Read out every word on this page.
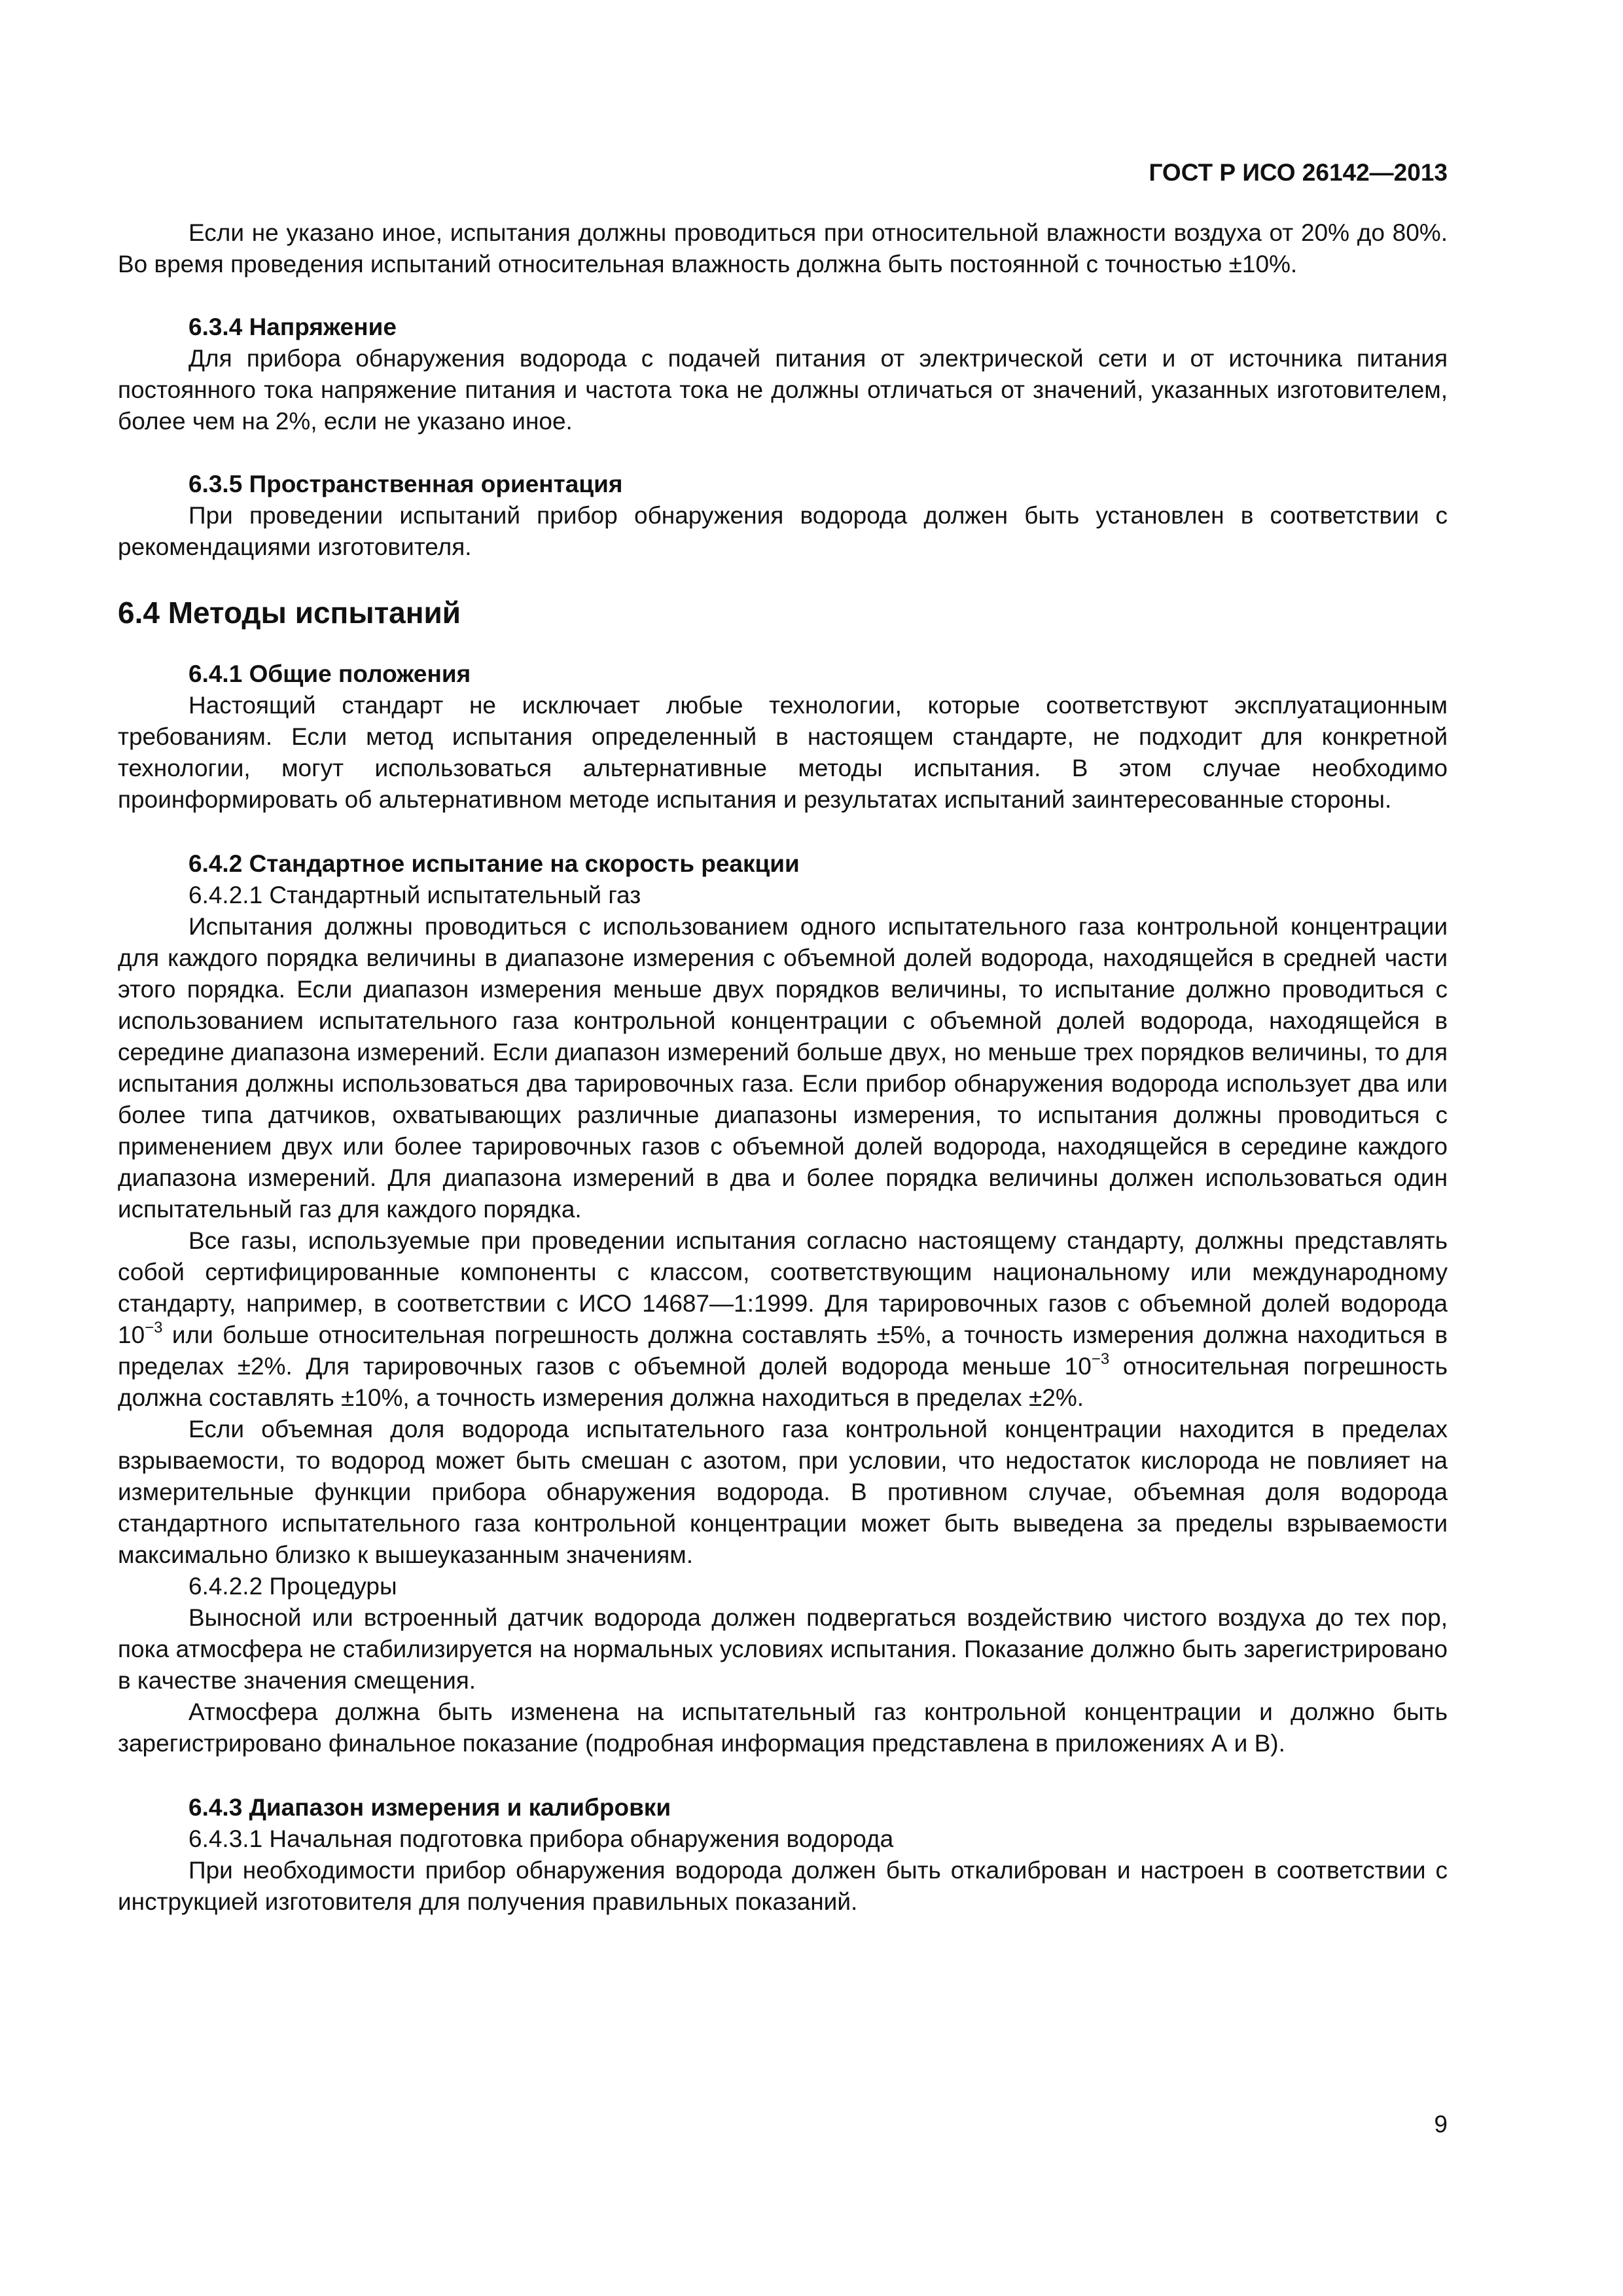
ГОСТ Р ИСО 26142—2013

Если не указано иное, испытания должны проводиться при относительной влажности воздуха от 20% до 80%. Во время проведения испытаний относительная влажность должна быть постоянной с точностью ±10%.

6.3.4 Напряжение

Для прибора обнаружения водорода с подачей питания от электрической сети и от источника питания постоянного тока напряжение питания и частота тока не должны отличаться от значений, указанных изготовителем, более чем на 2%, если не указано иное.

6.3.5 Пространственная ориентация

При проведении испытаний прибор обнаружения водорода должен быть установлен в соответствии с рекомендациями изготовителя.

6.4 Методы испытаний
6.4.1 Общие положения

Настоящий стандарт не исключает любые технологии, которые соответствуют эксплуатационным требованиям. Если метод испытания определенный в настоящем стандарте, не подходит для конкретной технологии, могут использоваться альтернативные методы испытания. В этом случае необходимо проинформировать об альтернативном методе испытания и результатах испытаний заинтересованные стороны.

6.4.2 Стандартное испытание на скорость реакции
6.4.2.1 Стандартный испытательный газ

Испытания должны проводиться с использованием одного испытательного газа контрольной концентрации для каждого порядка величины в диапазоне измерения с объемной долей водорода, находящейся в средней части этого порядка. Если диапазон измерения меньше двух порядков величины, то испытание должно проводиться с использованием испытательного газа контрольной концентрации с объемной долей водорода, находящейся в середине диапазона измерений. Если диапазон измерений больше двух, но меньше трех порядков величины, то для испытания должны использоваться два тарировочных газа. Если прибор обнаружения водорода использует два или более типа датчиков, охватывающих различные диапазоны измерения, то испытания должны проводиться с применением двух или более тарировочных газов с объемной долей водорода, находящейся в середине каждого диапазона измерений. Для диапазона измерений в два и более порядка величины должен использоваться один испытательный газ для каждого порядка.

Все газы, используемые при проведении испытания согласно настоящему стандарту, должны представлять собой сертифицированные компоненты с классом, соответствующим национальному или международному стандарту, например, в соответствии с ИСО 14687—1:1999. Для тарировочных газов с объемной долей водорода $10^{-3}$ или больше относительная погрешность должна составлять ±5%, а точность измерения должна находиться в пределах ±2%. Для тарировочных газов с объемной долей водорода меньше $10^{-3}$ относительная погрешность должна составлять ±10%, а точность измерения должна находиться в пределах ±2%.

Если объемная доля водорода испытательного газа контрольной концентрации находится в пределах взрываемости, то водород может быть смешан с азотом, при условии, что недостаток кислорода не повлияет на измерительные функции прибора обнаружения водорода. В противном случае, объемная доля водорода стандартного испытательного газа контрольной концентрации может быть выведена за пределы взрываемости максимально близко к вышеуказанным значениям.

6.4.2.2 Процедуры

Выносной или встроенный датчик водорода должен подвергаться воздействию чистого воздуха до тех пор, пока атмосфера не стабилизируется на нормальных условиях испытания. Показание должно быть зарегистрировано в качестве значения смещения.

Атмосфера должна быть изменена на испытательный газ контрольной концентрации и должно быть зарегистрировано финальное показание (подробная информация представлена в приложениях А и В).

6.4.3 Диапазон измерения и калибровки
6.4.3.1 Начальная подготовка прибора обнаружения водорода

При необходимости прибор обнаружения водорода должен быть откалиброван и настроен в соответствии с инструкцией изготовителя для получения правильных показаний.

9
